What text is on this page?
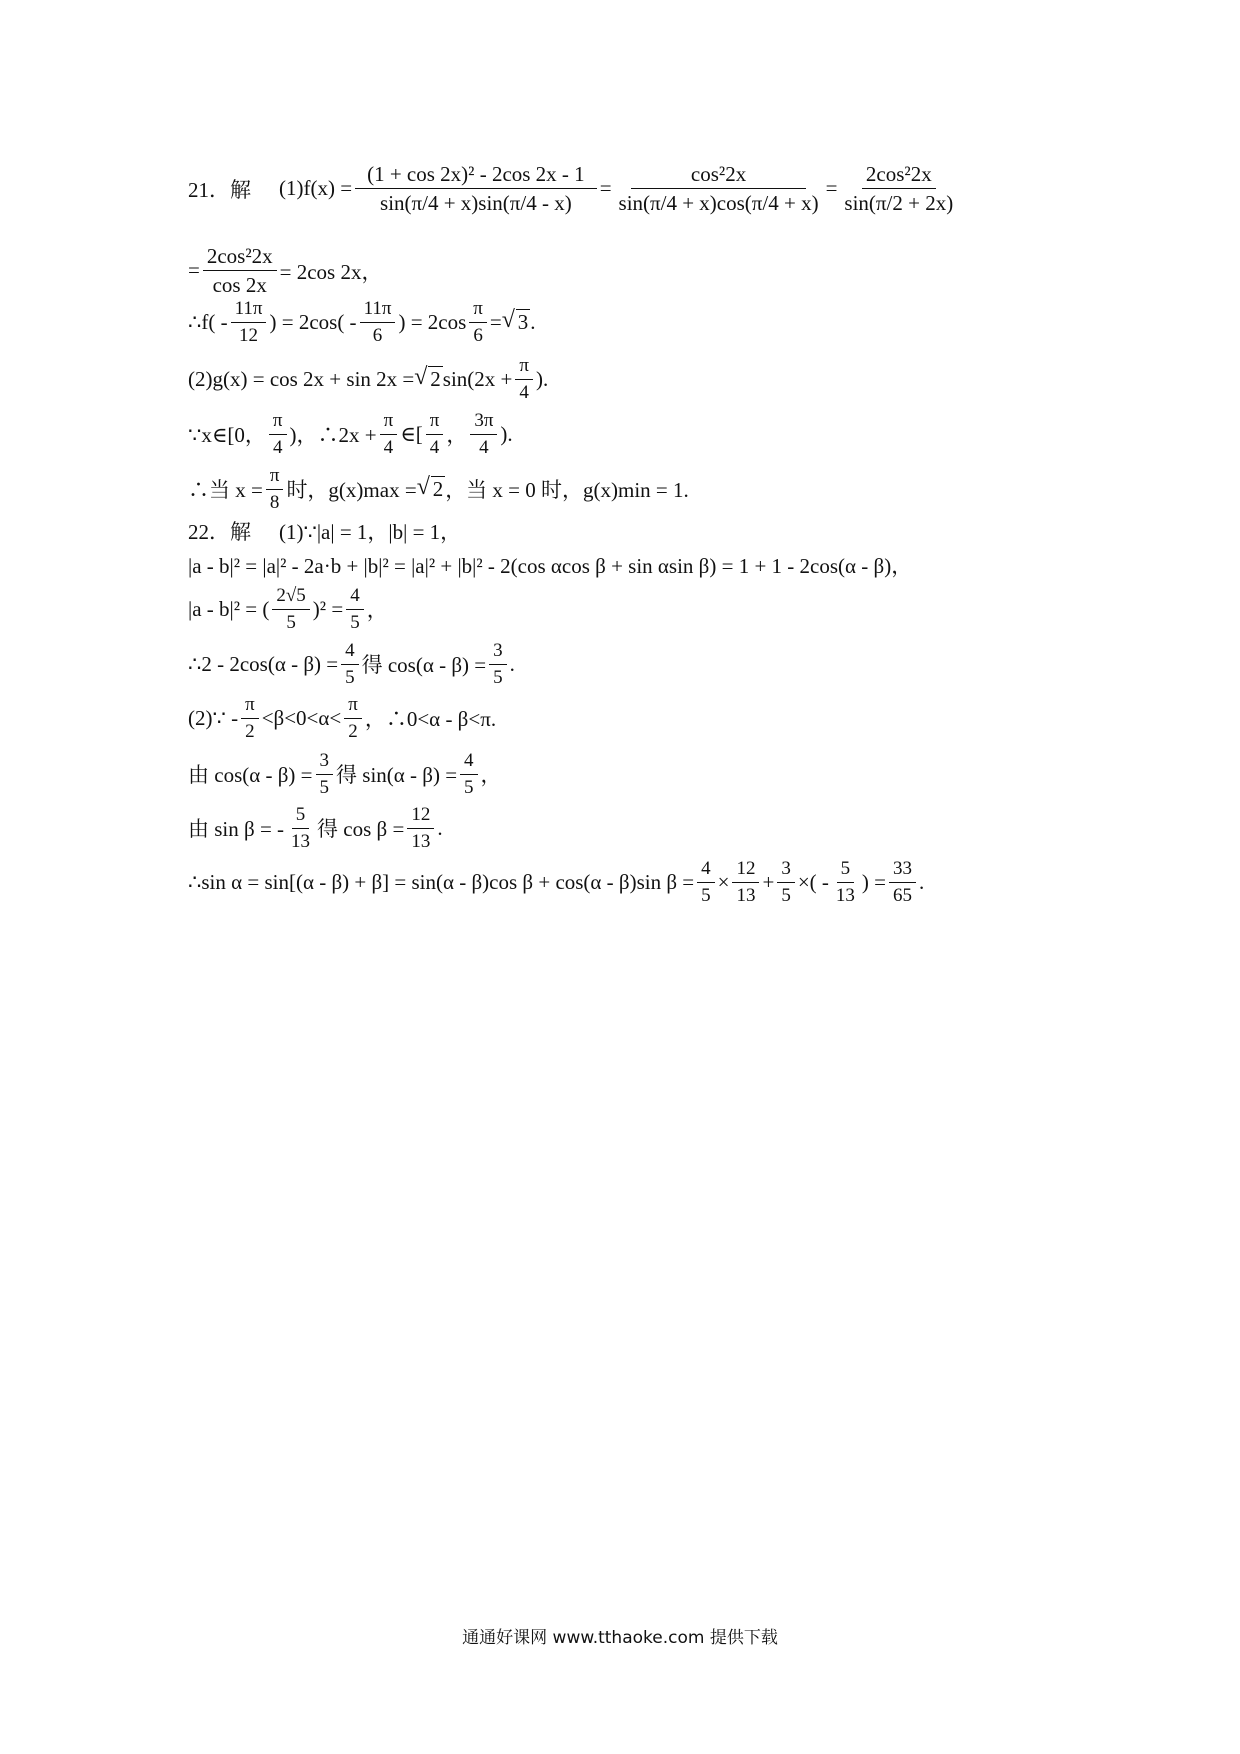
21．解 (1) $f(x) = \frac{\text{(1 + cos 2x)² - 2cos 2x - 1}}{\sin(\pi/4 + x)\sin(\pi/4 - x)} = \frac{\text{cos²2x}}{\sin(\pi/4 + x)\cos(\pi/4 + x)} = \frac{\text{2cos²2x}}{\sin(\pi/2 + 2x)}$
= $\frac{\text{2cos²2x}}{\cos 2x} = 2\cos$ 2x，
∴f( - $\frac{11\pi}{12}$ ) = $2\cos( - \frac{11\pi}{6}$ ) = $2\cos \frac{\pi}{6}$ = √ 3 .
(2)g(x) = cos 2x + sin 2x = √ 2 $\sin(2x + \frac{\pi}{4}$ ).
∵x∈[0， $\frac{\pi}{4}$ )，∴2x + $\frac{\pi}{4}$ ∈[ $\frac{\pi}{4}$ ， $\frac{3\pi}{4}$ ).
∴当 $x = \frac{\pi}{8}$ 时，g(x)max = √ 2 ，当 x = 0 时，g(x)min = 1.
22．解 (1)∵|a| = 1，|b| = 1，
|a - b|² = |a|² - 2a·b + |b|² = |a|² + |b|² - 2(cos αcos β + sin αsin β) = 1 + 1 - 2cos(α - β)，
|a - b|² = ( $\frac{2√5}{5} )^2 = \frac{4}{5}$ ，
∴2 - $2\cos(\alpha - \beta) = \frac{4}{5}$ 得 $\cos(\alpha - \beta) = \frac{3}{5}$ .
(2)∵ - $\frac{\pi}{2} <\beta<0<\alpha< \frac{\pi}{2}$ ，∴0<α - β<π.
由 $\cos(\alpha - \beta) = \frac{3}{5}$ 得 $\sin(\alpha - \beta) = \frac{4}{5}$ ，
由 sin β = - $\frac{5}{13}$ 得 $\cos \beta = \frac{12}{13}$ .
∴sin α = sin[(α - β) + β] = sin(α - β)cos β + cos(α - β)sin $\beta = \frac{4}{5} \times \frac{12}{13} + \frac{3}{5}$ ×( - $\frac{5}{13}$ ) = $\frac{33}{65}$ .
通通好课网 www.tthaoke.com 提供下载
